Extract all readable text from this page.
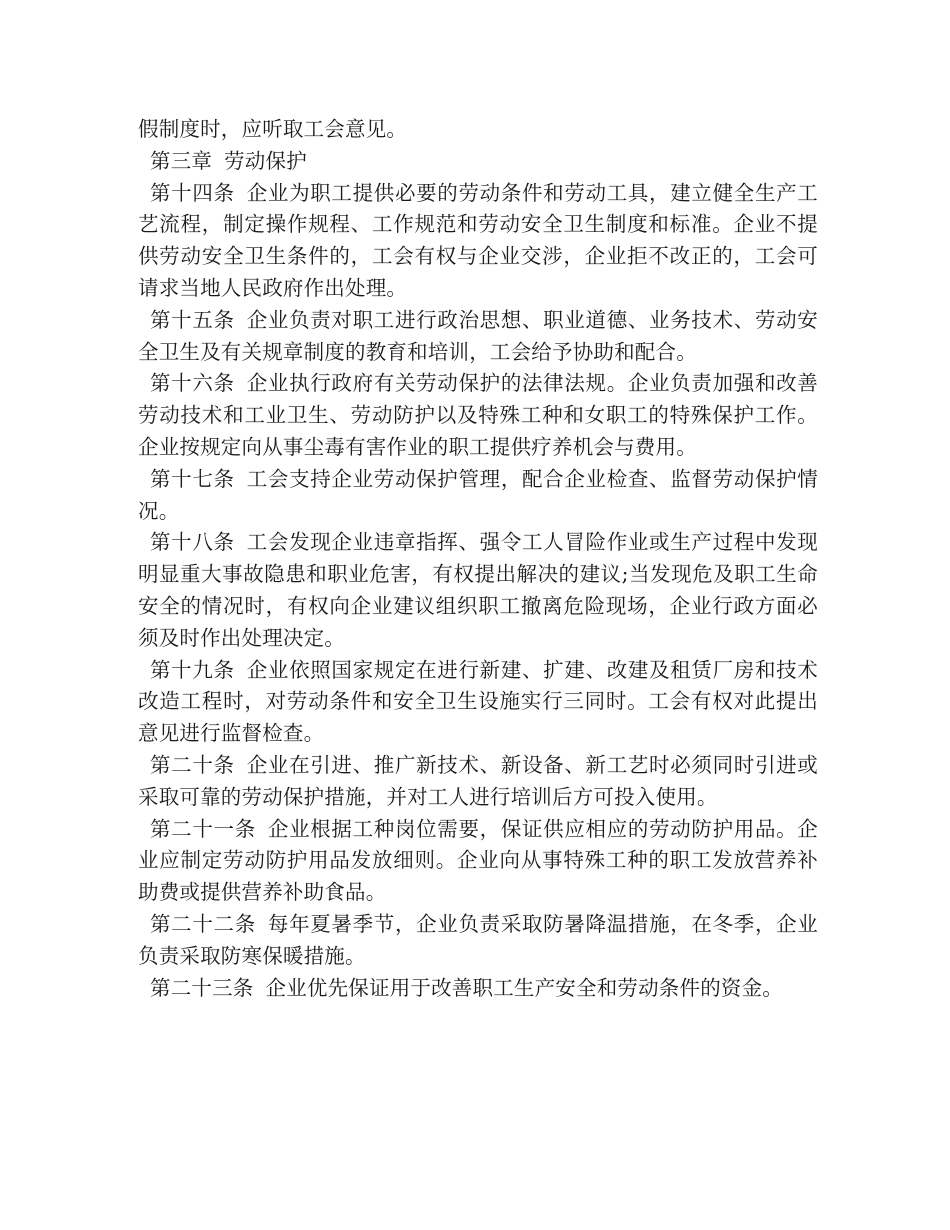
假制度时，应听取工会意见。

第三章 劳动保护

第十四条 企业为职工提供必要的劳动条件和劳动工具，建立健全生产工艺流程，制定操作规程、工作规范和劳动安全卫生制度和标准。企业不提供劳动安全卫生条件的，工会有权与企业交涉，企业拒不改正的，工会可请求当地人民政府作出处理。

第十五条 企业负责对职工进行政治思想、职业道德、业务技术、劳动安全卫生及有关规章制度的教育和培训，工会给予协助和配合。

第十六条 企业执行政府有关劳动保护的法律法规。企业负责加强和改善劳动技术和工业卫生、劳动防护以及特殊工种和女职工的特殊保护工作。企业按规定向从事尘毒有害作业的职工提供疗养机会与费用。

第十七条 工会支持企业劳动保护管理，配合企业检查、监督劳动保护情况。

第十八条 工会发现企业违章指挥、强令工人冒险作业或生产过程中发现明显重大事故隐患和职业危害，有权提出解决的建议;当发现危及职工生命安全的情况时，有权向企业建议组织职工撤离危险现场，企业行政方面必须及时作出处理决定。

第十九条 企业依照国家规定在进行新建、扩建、改建及租赁厂房和技术改造工程时，对劳动条件和安全卫生设施实行三同时。工会有权对此提出意见进行监督检查。

第二十条 企业在引进、推广新技术、新设备、新工艺时必须同时引进或采取可靠的劳动保护措施，并对工人进行培训后方可投入使用。

第二十一条 企业根据工种岗位需要，保证供应相应的劳动防护用品。企业应制定劳动防护用品发放细则。企业向从事特殊工种的职工发放营养补助费或提供营养补助食品。

第二十二条 每年夏暑季节，企业负责采取防暑降温措施，在冬季，企业负责采取防寒保暖措施。

第二十三条 企业优先保证用于改善职工生产安全和劳动条件的资金。
